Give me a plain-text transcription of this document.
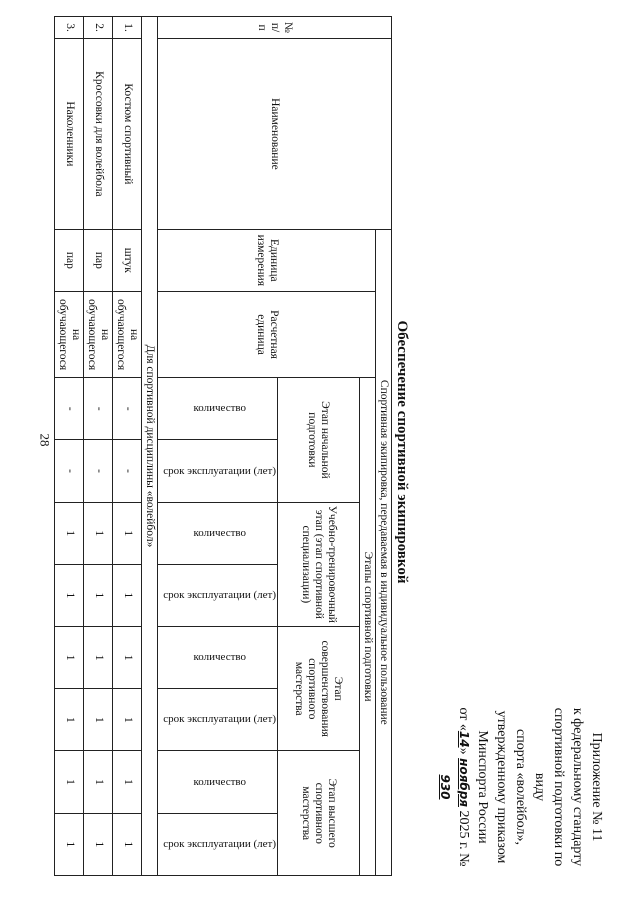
28
Приложение № 11
к федеральному стандарту
спортивной подготовки по виду
спорта «волейбол»,
утвержденному приказом
Минспорта России
от «14» ноября 2025 г. № 930
Обеспечение спортивной экипировкой
№ п/п	Наименование	Спортивная экипировка, передаваемая в индивидуальное пользование									
		Единица измерения	Расчетная единица	Этапы спортивной подготовки							
				Этап начальной подготовки		Учебно-тренировочный этап (этап спортивной специализации)		Этап совершенствования спортивного мастерства		Этап высшего спортивного мастерства	
				количество	срок эксплуатации (лет)	количество	срок эксплуатации (лет)	количество	срок эксплуатации (лет)	количество	срок эксплуатации (лет)
Для спортивной дисциплины «волейбол»											
1.	Костюм спортивный	штук	на обучающегося	-	-	1	1	1	1	1	1
2.	Кроссовки для волейбола	пар	на обучающегося	-	-	1	1	1	1	1	1
3.	Наколенники	пар	на обучающегося	-	-	1	1	1	1	1	1
